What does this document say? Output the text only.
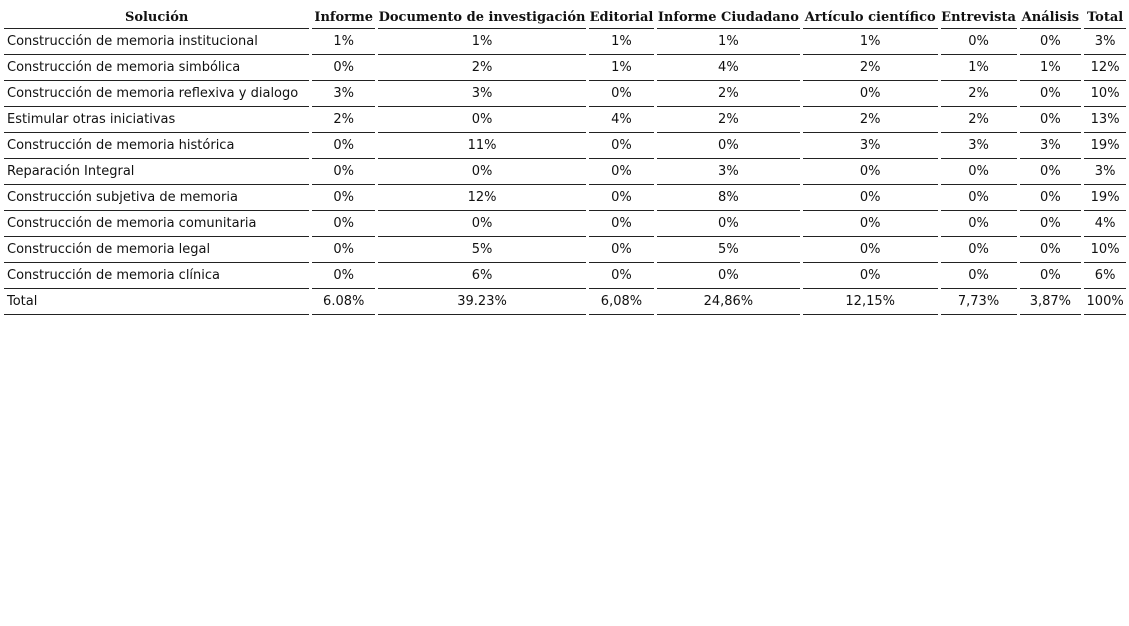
Solución	Informe	Documento de investigación	Editorial	Informe Ciudadano	Artículo científico	Entrevista	Análisis	Total
Construcción de memoria institucional	1%	1%	1%	1%	1%	0%	0%	3%
Construcción de memoria simbólica	0%	2%	1%	4%	2%	1%	1%	12%
Construcción de memoria reflexiva y dialogo	3%	3%	0%	2%	0%	2%	0%	10%
Estimular otras iniciativas	2%	0%	4%	2%	2%	2%	0%	13%
Construcción de memoria histórica	0%	11%	0%	0%	3%	3%	3%	19%
Reparación Integral	0%	0%	0%	3%	0%	0%	0%	3%
Construcción subjetiva de memoria	0%	12%	0%	8%	0%	0%	0%	19%
Construcción de memoria comunitaria	0%	0%	0%	0%	0%	0%	0%	4%
Construcción de memoria legal	0%	5%	0%	5%	0%	0%	0%	10%
Construcción de memoria clínica	0%	6%	0%	0%	0%	0%	0%	6%
Total	6.08%	39.23%	6,08%	24,86%	12,15%	7,73%	3,87%	100%
